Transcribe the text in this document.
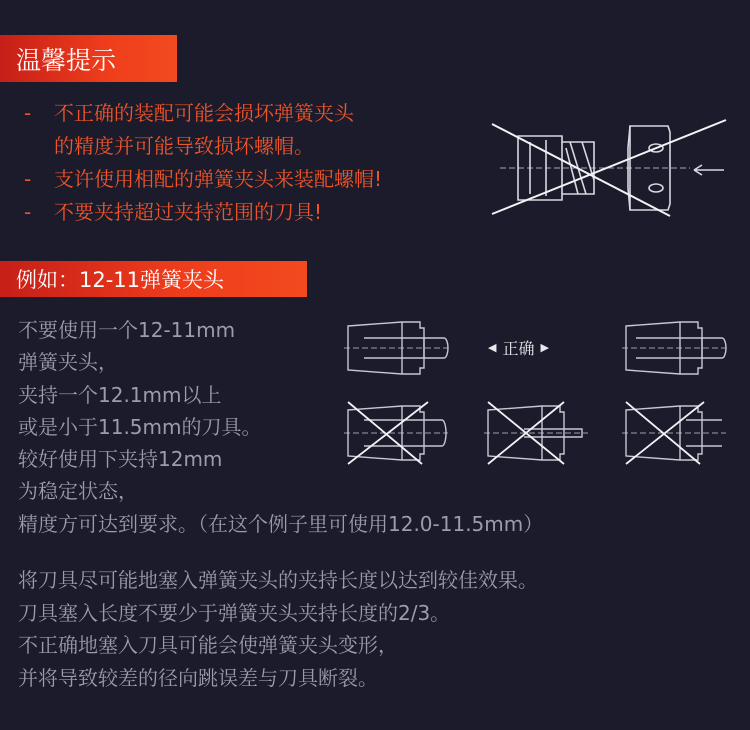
温馨提示
- 不正确的装配可能会损坏弹簧夹头
的精度并可能导致损坏螺帽。
- 支许使用相配的弹簧夹头来装配螺帽!
- 不要夹持超过夹持范围的刀具!
例如：12-11弹簧夹头
不要使用一个12-11mm
弹簧夹头，
夹持一个12.1mm以上
或是小于11.5mm的刀具。
较好使用下夹持12mm
为稳定状态，
精度方可达到要求。（在这个例子里可使用12.0-11.5mm）
◀ 正确 ▶
将刀具尽可能地塞入弹簧夹头的夹持长度以达到较佳效果。
刀具塞入长度不要少于弹簧夹头夹持长度的2/3。
不正确地塞入刀具可能会使弹簧夹头变形，
并将导致较差的径向跳误差与刀具断裂。
